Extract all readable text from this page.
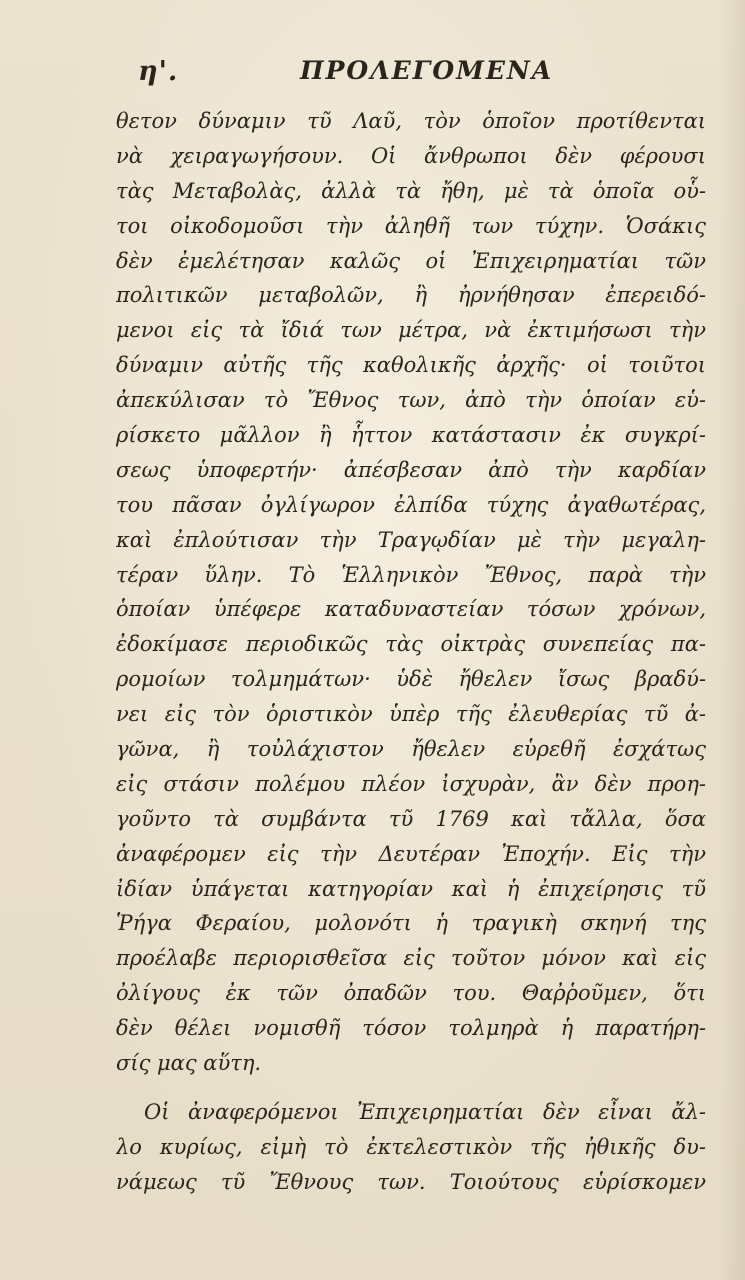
η'.	ΠΡΟΛΕΓΟΜΕΝΑ
θετον δύναμιν τῦ Λαῦ, τὸν ὁποῖον προτίθενται
νὰ χειραγωγήσουν. Οἱ ἄνθρωποι δὲν φέρουσι
τὰς Μεταβολὰς, ἀλλὰ τὰ ἤθη, μὲ τὰ ὁποῖα οὗ-
τοι οἰκοδομοῦσι τὴν ἀληθῆ των τύχην. Ὁσάκις
δὲν ἐμελέτησαν καλῶς οἱ Ἐπιχειρηματίαι τῶν
πολιτικῶν μεταβολῶν, ἢ ἠρνήθησαν ἐπερειδό-
μενοι εἰς τὰ ἴδιά των μέτρα, νὰ ἐκτιμήσωσι τὴν
δύναμιν αὐτῆς τῆς καθολικῆς ἀρχῆς· οἱ τοιῦτοι
ἀπεκύλισαν τὸ Ἔθνος των, ἀπὸ τὴν ὁποίαν εὑ-
ρίσκετο μᾶλλον ἢ ἧττον κατάστασιν ἐκ συγκρί-
σεως ὑποφερτήν· ἀπέσβεσαν ἀπὸ τὴν καρδίαν
του πᾶσαν ὀγλίγωρον ἐλπίδα τύχης ἀγαθωτέρας,
καὶ ἐπλούτισαν τὴν Τραγῳδίαν μὲ τὴν μεγαλη-
τέραν ὕλην. Τὸ Ἑλληνικὸν Ἔθνος, παρὰ τὴν
ὁποίαν ὑπέφερε καταδυναστείαν τόσων χρόνων,
ἐδοκίμασε περιοδικῶς τὰς οἰκτρὰς συνεπείας πα-
ρομοίων τολμημάτων· ὑδὲ ἤθελεν ἴσως βραδύ-
νει εἰς τὸν ὁριστικὸν ὑπὲρ τῆς ἐλευθερίας τῦ ἀ-
γῶνα, ἢ τοὐλάχιστον ἤθελεν εὑρεθῆ ἐσχάτως
εἰς στάσιν πολέμου πλέον ἰσχυρὰν, ἂν δὲν προη-
γοῦντο τὰ συμβάντα τῦ 1769 καὶ τἄλλα, ὅσα
ἀναφέρομεν εἰς τὴν Δευτέραν Ἐποχήν. Εἰς τὴν
ἰδίαν ὑπάγεται κατηγορίαν καὶ ἡ ἐπιχείρησις τῦ
Ῥήγα Φεραίου, μολονότι ἡ τραγικὴ σκηνή της
προέλαβε περιορισθεῖσα εἰς τοῦτον μόνον καὶ εἰς
ὀλίγους ἐκ τῶν ὀπαδῶν του. Θαῤῥοῦμεν, ὅτι
δὲν θέλει νομισθῆ τόσον τολμηρὰ ἡ παρατήρη-
σίς μας αὕτη.
Οἱ ἀναφερόμενοι Ἐπιχειρηματίαι δὲν εἶναι ἄλ-
λο κυρίως, εἰμὴ τὸ ἐκτελεστικὸν τῆς ἠθικῆς δυ-
νάμεως τῦ Ἔθνους των. Τοιούτους εὑρίσκομεν
